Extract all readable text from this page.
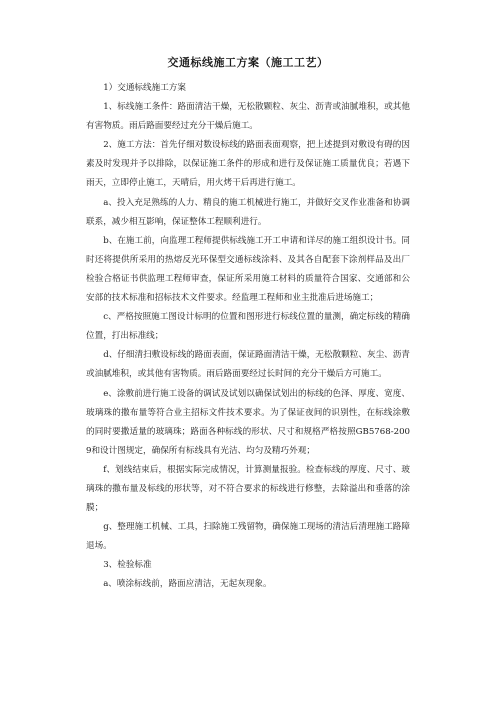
交通标线施工方案（施工工艺）

1）交通标线施工方案

1、标线施工条件：路面清洁干燥，无松散颗粒、灰尘、沥青或油腻堆积，或其他有害物质。雨后路面要经过充分干燥后施工。

2、施工方法：首先仔细对数设标线的路面表面观察，把上述提到对敷设有碍的因素及时发现并予以排除，以保证施工条件的形成和进行及保证施工质量优良；若遇下雨天，立即停止施工，天晴后，用火烤干后再进行施工。

a、投入充足熟练的人力、精良的施工机械进行施工，并做好交叉作业准备和协调联系，减少相互影响，保证整体工程顺利进行。

b、在施工前，向监理工程师提供标线施工开工申请和详尽的施工组织设计书。同时还将提供所采用的热熔反光环保型交通标线涂料、及其各自配套下涂剂样品及出厂检验合格证书供监理工程师审查，保证所采用施工材料的质量符合国家、交通部和公安部的技术标准和招标技术文件要求。经监理工程师和业主批准后进场施工；

c、严格按照施工图设计标明的位置和图形进行标线位置的量测，确定标线的精确位置，打出标准线；

d、仔细清扫敷设标线的路面表面，保证路面清洁干燥，无松散颗粒、灰尘、沥青或油腻堆积，或其他有害物质。雨后路面要经过长时间的充分干燥后方可施工。

e、涂敷前进行施工设备的调试及试划以确保试划出的标线的色泽、厚度、宽度、玻璃珠的撒布量等符合业主招标文件技术要求。为了保证夜间的识别性，在标线涂敷的同时要撒适量的玻璃珠；路面各种标线的形状、尺寸和规格严格按照GB5768-2009和设计图规定，确保所有标线具有光洁、均匀及精巧外观；

f、划线结束后，根据实际完成情况，计算测量报验。检查标线的厚度、尺寸、玻璃珠的撒布量及标线的形状等，对不符合要求的标线进行修整，去除溢出和垂落的涂膜；

g、整理施工机械、工具，扫除施工残留物，确保施工现场的清洁后清理施工路障退场。

3、检验标准

a、喷涂标线前，路面应清洁，无起灰现象。
